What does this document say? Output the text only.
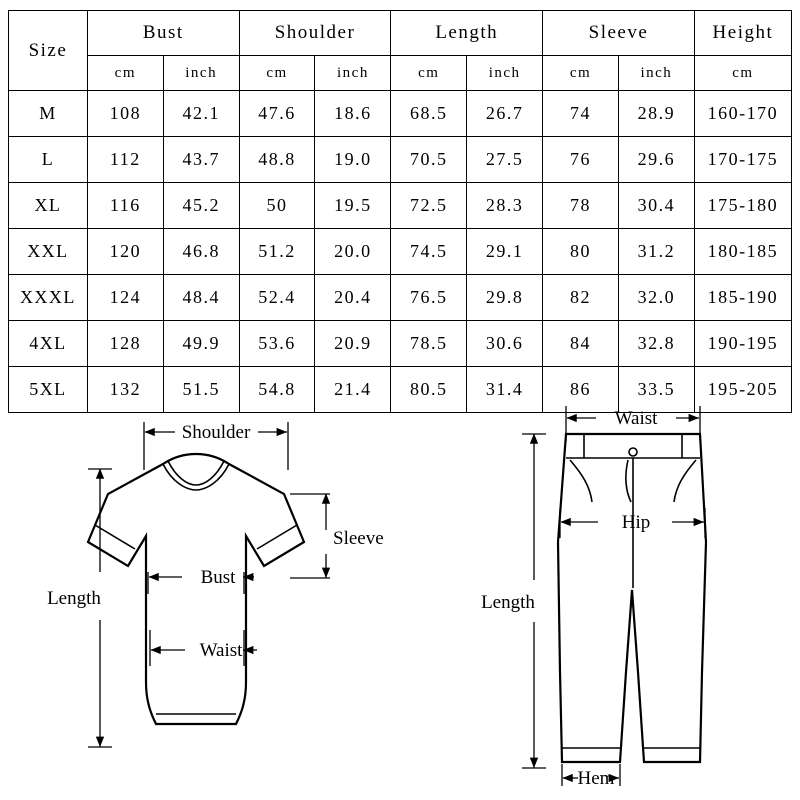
Size	Bust		Shoulder		Length		Sleeve		Height
	cm	inch	cm	inch	cm	inch	cm	inch	cm
M	108	42.1	47.6	18.6	68.5	26.7	74	28.9	160-170
L	112	43.7	48.8	19.0	70.5	27.5	76	29.6	170-175
XL	116	45.2	50	19.5	72.5	28.3	78	30.4	175-180
XXL	120	46.8	51.2	20.0	74.5	29.1	80	31.2	180-185
XXXL	124	48.4	52.4	20.4	76.5	29.8	82	32.0	185-190
4XL	128	49.9	53.6	20.9	78.5	30.6	84	32.8	190-195
5XL	132	51.5	54.8	21.4	80.5	31.4	86	33.5	195-205
Shoulder
Sleeve
Bust
Waist
Length
Waist
Hip
Length
Hem
